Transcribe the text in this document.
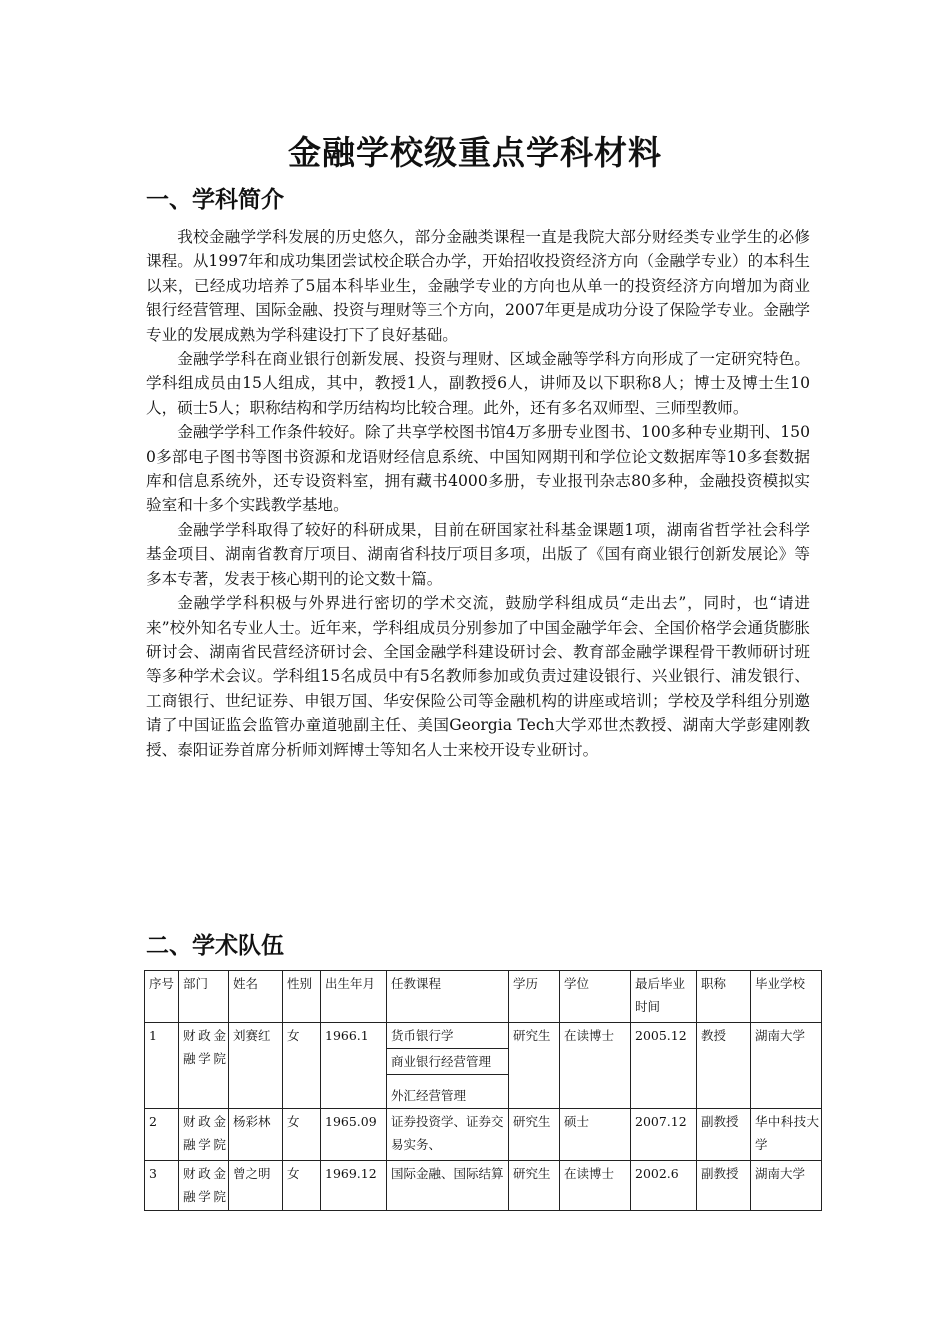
金融学校级重点学科材料
一、学科简介

我校金融学学科发展的历史悠久，部分金融类课程一直是我院大部分财经类专业学生的必修课程。从1997年和成功集团尝试校企联合办学，开始招收投资经济方向（金融学专业）的本科生以来，已经成功培养了5届本科毕业生，金融学专业的方向也从单一的投资经济方向增加为商业银行经营管理、国际金融、投资与理财等三个方向，2007年更是成功分设了保险学专业。金融学专业的发展成熟为学科建设打下了良好基础。

金融学学科在商业银行创新发展、投资与理财、区域金融等学科方向形成了一定研究特色。学科组成员由15人组成，其中，教授1人，副教授6人，讲师及以下职称8人；博士及博士生10人，硕士5人；职称结构和学历结构均比较合理。此外，还有多名双师型、三师型教师。

金融学学科工作条件较好。除了共享学校图书馆4万多册专业图书、100多种专业期刊、1500多部电子图书等图书资源和龙语财经信息系统、中国知网期刊和学位论文数据库等10多套数据库和信息系统外，还专设资料室，拥有藏书4000多册，专业报刊杂志80多种，金融投资模拟实验室和十多个实践教学基地。

金融学学科取得了较好的科研成果，目前在研国家社科基金课题1项，湖南省哲学社会科学基金项目、湖南省教育厅项目、湖南省科技厅项目多项，出版了《国有商业银行创新发展论》等多本专著，发表于核心期刊的论文数十篇。

金融学学科积极与外界进行密切的学术交流，鼓励学科组成员“走出去”，同时，也“请进来”校外知名专业人士。近年来，学科组成员分别参加了中国金融学年会、全国价格学会通货膨胀研讨会、湖南省民营经济研讨会、全国金融学科建设研讨会、教育部金融学课程骨干教师研讨班等多种学术会议。学科组15名成员中有5名教师参加或负责过建设银行、兴业银行、浦发银行、工商银行、世纪证券、申银万国、华安保险公司等金融机构的讲座或培训；学校及学科组分别邀请了中国证监会监管办童道驰副主任、美国Georgia Tech大学邓世杰教授、湖南大学彭建刚教授、泰阳证券首席分析师刘辉博士等知名人士来校开设专业研讨。

二、学术队伍
序号	部门	姓名	性别	出生年月	任教课程	学历	学位	最后毕业时间	职称	毕业学校
1	财政金融学院	刘赛红	女	1966.1	货币银行学	研究生	在读博士	2005.12	教授	湖南大学
					商业银行经营管理					
					外汇经营管理					
2	财政金融学院	杨彩林	女	1965.09	证券投资学、证券交易实务、	研究生	硕士	2007.12	副教授	华中科技大学
3	财政金融学院	曾之明	女	1969.12	国际金融、国际结算	研究生	在读博士	2002.6	副教授	湖南大学
